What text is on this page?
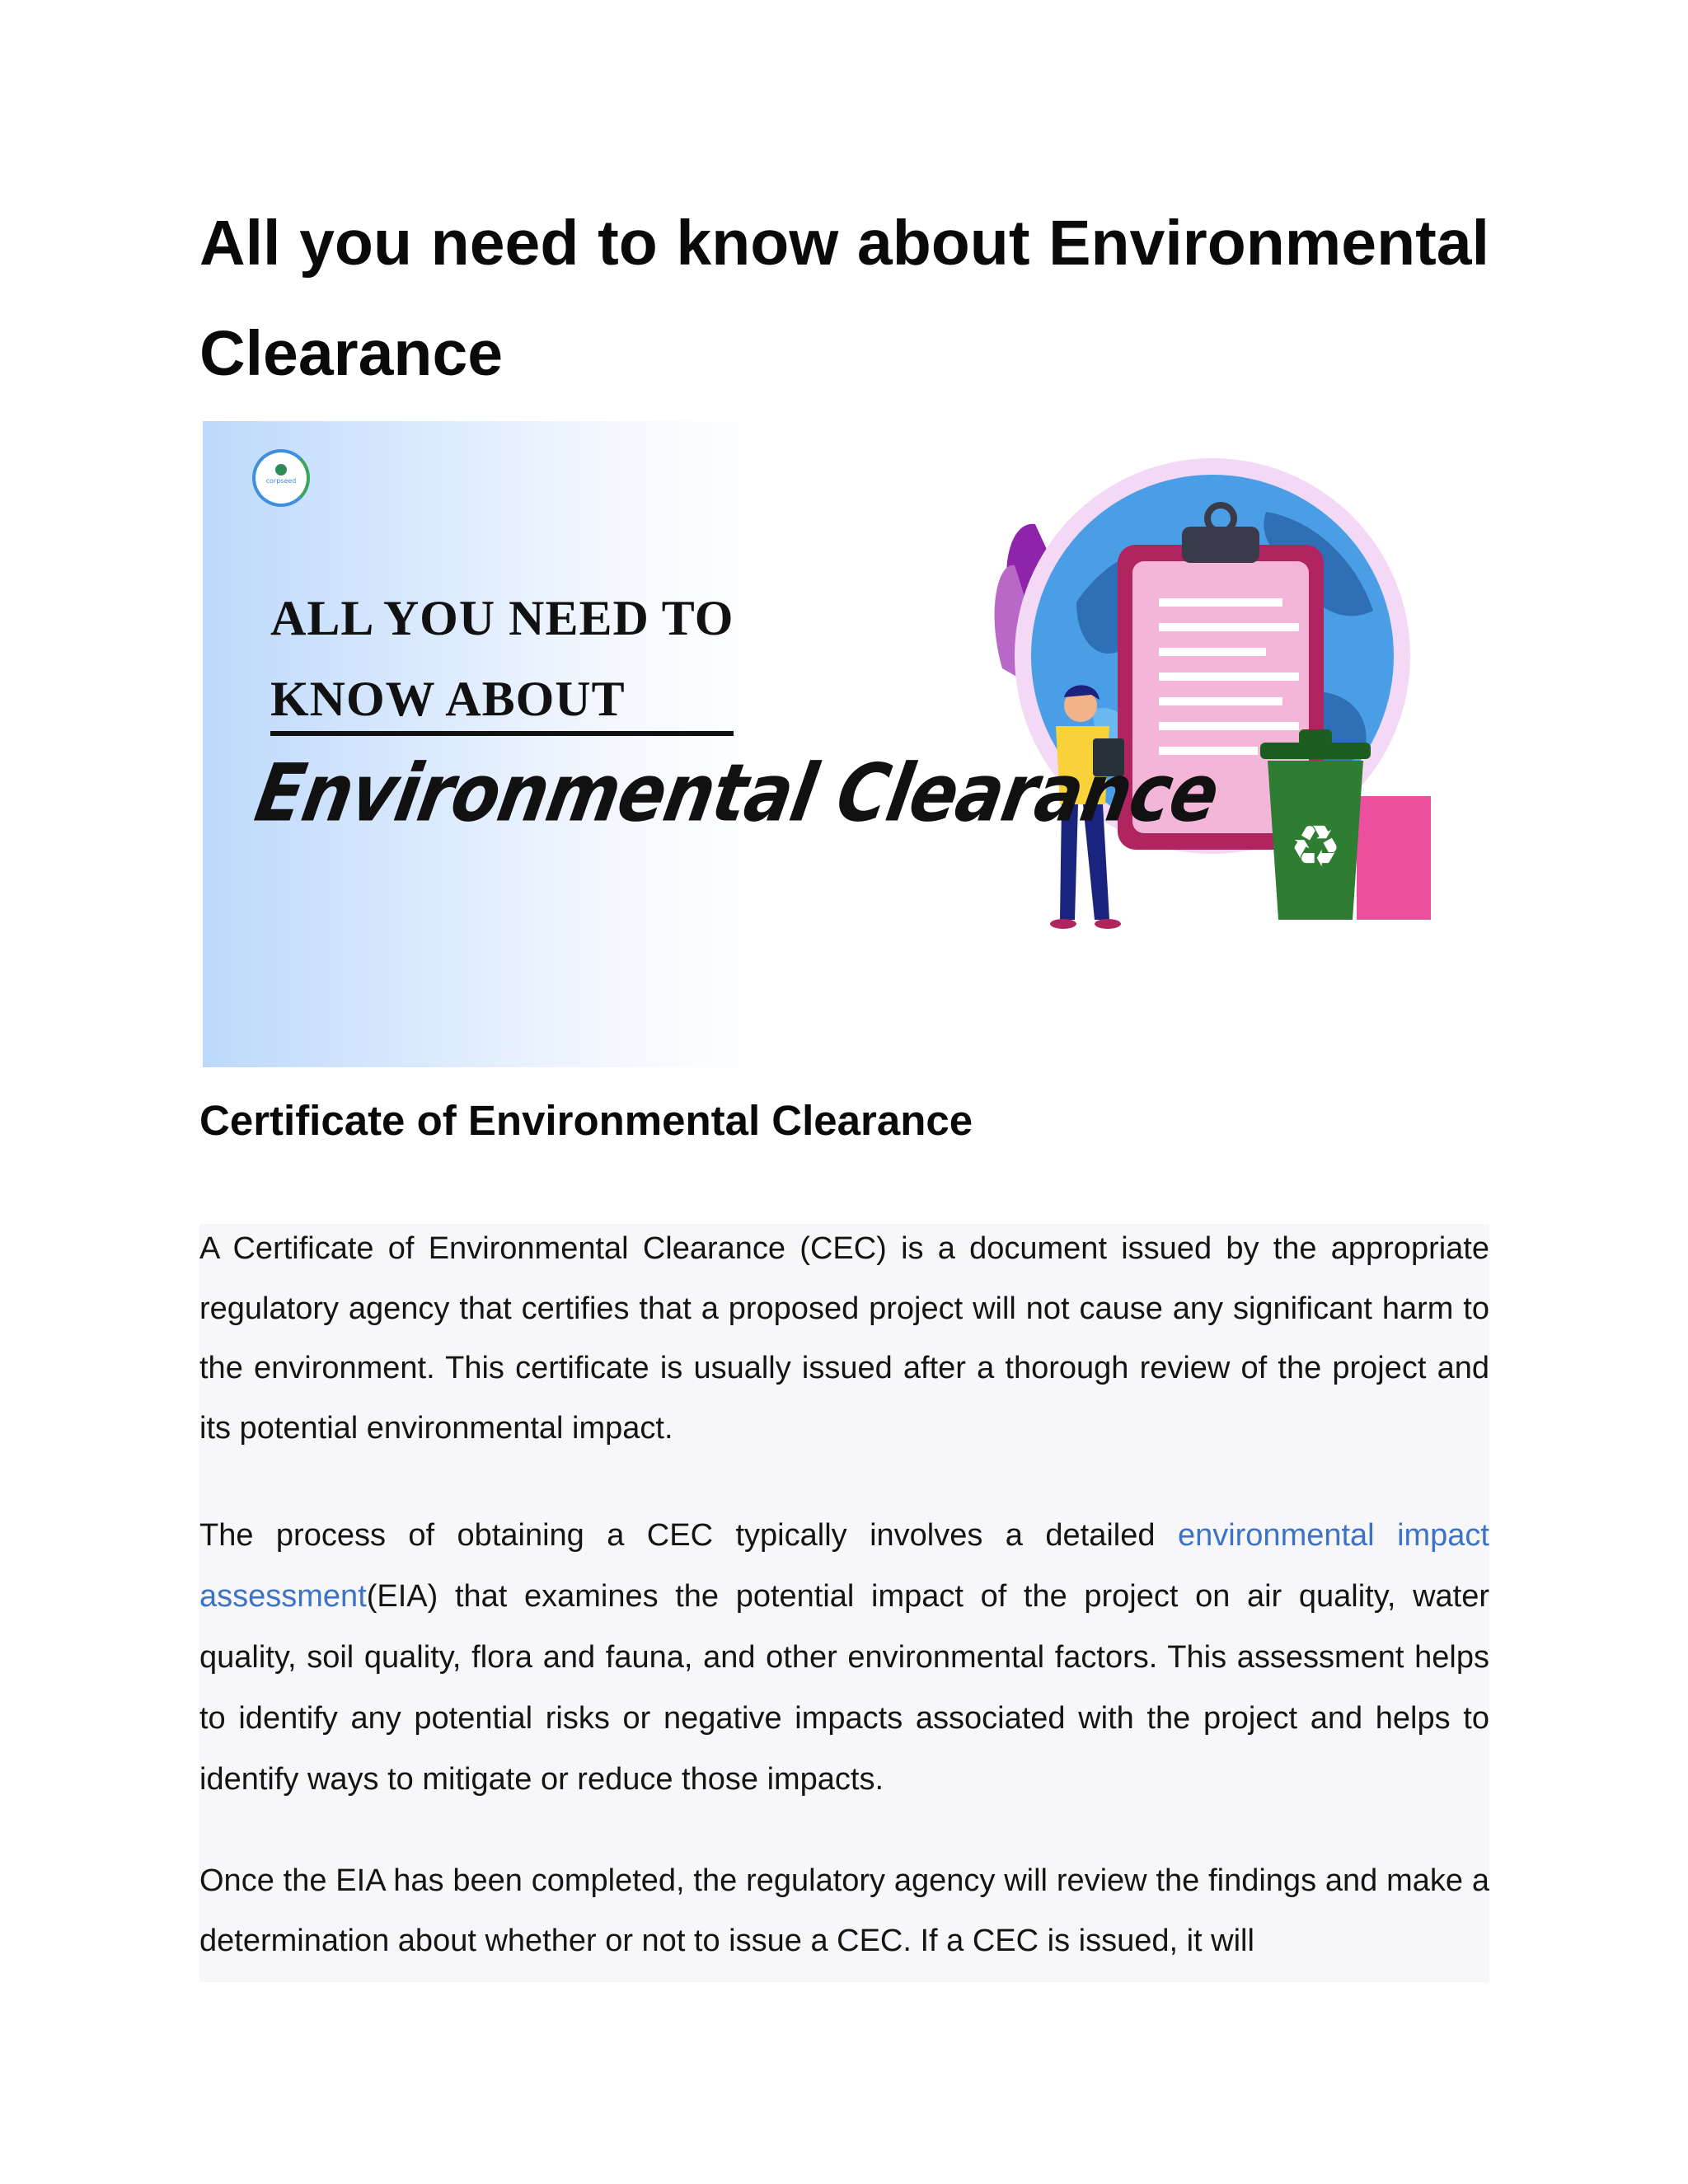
All you need to know about Environmental Clearance
♻
corpseed
ALL YOU NEED TO
KNOW ABOUT
Environmental Clearance
Certificate of Environmental Clearance

A Certificate of Environmental Clearance (CEC) is a document issued by the appropriate regulatory agency that certifies that a proposed project will not cause any significant harm to the environment. This certificate is usually issued after a thorough review of the project and its potential environmental impact.

The process of obtaining a CEC typically involves a detailed environmental impact assessment(EIA) that examines the potential impact of the project on air quality, water quality, soil quality, flora and fauna, and other environmental factors. This assessment helps to identify any potential risks or negative impacts associated with the project and helps to identify ways to mitigate or reduce those impacts.

Once the EIA has been completed, the regulatory agency will review the findings and make a determination about whether or not to issue a CEC. If a CEC is issued, it will
